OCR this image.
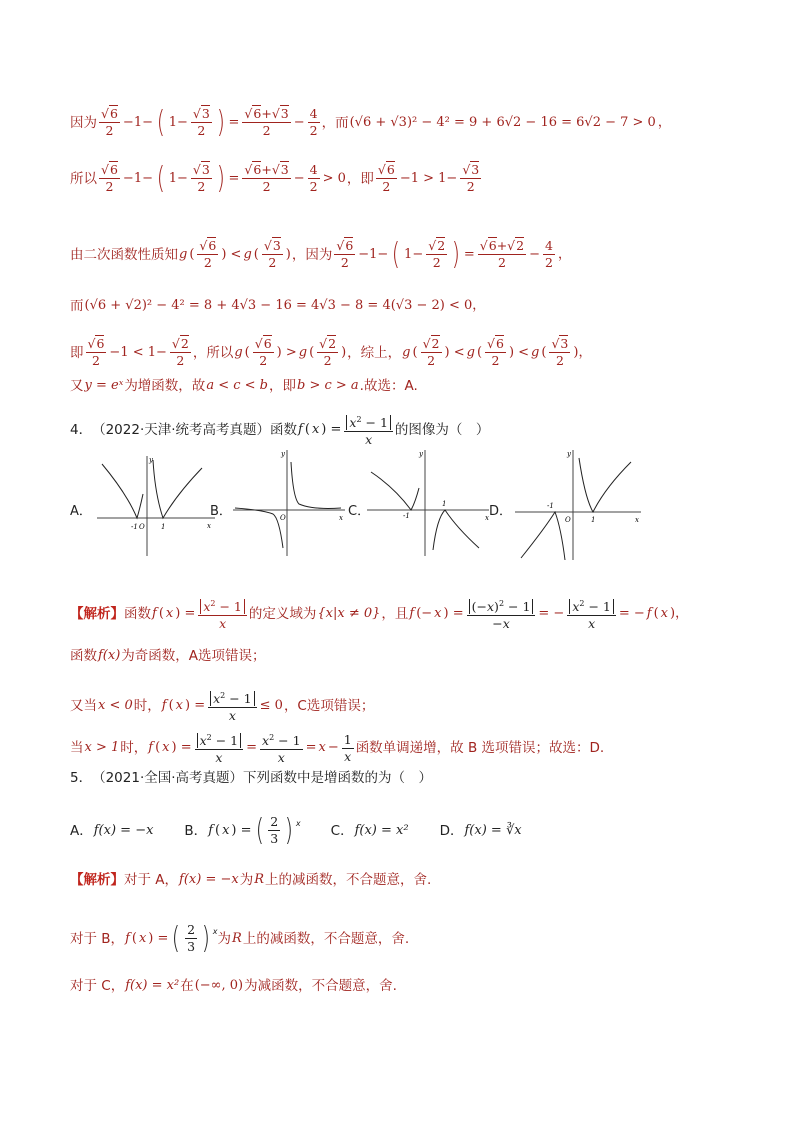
因为 √ $\frac{6}{2} -1-$ ( 1− √ $\frac{3}{2}$ ) = √ $\frac{6+ √ 3}{2} - \frac{4}{2}$ ，而 (√6 + √3)² − 4² = 9 + 6√2 − 16 = 6√2 − 7 > 0 ，
所以 √ $\frac{6}{2} -1-$ ( 1− √ $\frac{3}{2}$ ) = √ $\frac{6+ √ 3}{2} - \frac{4}{2} > 0$ ，即 √ $\frac{6}{2} -1 > 1-$ √ $\frac{3}{2}$
由二次函数性质知 g ( √ $\frac{6}{2}$ ) < g ( √ $\frac{3}{2}$ ) ，因为 √ $\frac{6}{2} -1-$ ( 1− √ $\frac{2}{2}$ ) = √ $\frac{6+ √ 2}{2} - \frac{4}{2}$ ，
而 (√6 + √2)² − 4² = 8 + 4√3 − 16 = 4√3 − 8 = 4(√3 − 2) < 0，
即 √ $\frac{6}{2} -1 < 1-$ √ $\frac{2}{2}$ ，所以 g ( √ $\frac{6}{2}$ ) > g ( √ $\frac{2}{2}$ ) ，综上， g ( √ $\frac{2}{2}$ ) < g ( √ $\frac{6}{2}$ ) < g ( √ $\frac{3}{2}$ )，
又 y = eˣ 为增函数，故 a < c < b ，即 b > c > a .故选：A.
4． （2022·天津·统考高考真题）函数 f ( x ) = $\frac{x^2 - 1}{x}$ 的图像为（　）
A．
-1 O 1	x
y
B．	O	x
y
C．	-1
1
x
y
D．	-1
O	1	x
y
【解析】 函数 f ( x ) = $\frac{x^2 - 1}{x}$ 的定义域为 {x|x ≠ 0} ，且 f (− x ) = $\frac{(-x)^2 - 1}{-x}$ = − $\frac{x^2 - 1}{x}$ = − f ( x )，
函数 f(x) 为奇函数，A选项错误；
又当 x < 0 时， f ( x ) = $\frac{x^2 - 1}{x} \le 0$ ，C选项错误；
当 x > 1 时， f ( x ) = $\frac{x^2 - 1}{x} = \frac{x^2 - 1}{x} = x - \frac{1}{x}$ 函数单调递增，故 B 选项错误；故选：D.
5． （2021·全国·高考真题）下列函数中是增函数的为（　）
A． f(x) = −x B． f ( x ) = ( $\frac{2}{3}$ ) $^x$ C． f(x) = x² D． f(x) = ∛x
【解析】 对于 A， f(x) = −x 为 R 上的减函数，不合题意，舍.
对于 B， f ( x ) = ( $\frac{2}{3}$ ) $^x$ 为 R 上的减函数，不合题意，舍.
对于 C， f(x) = x² 在 (−∞, 0) 为减函数，不合题意，舍.
